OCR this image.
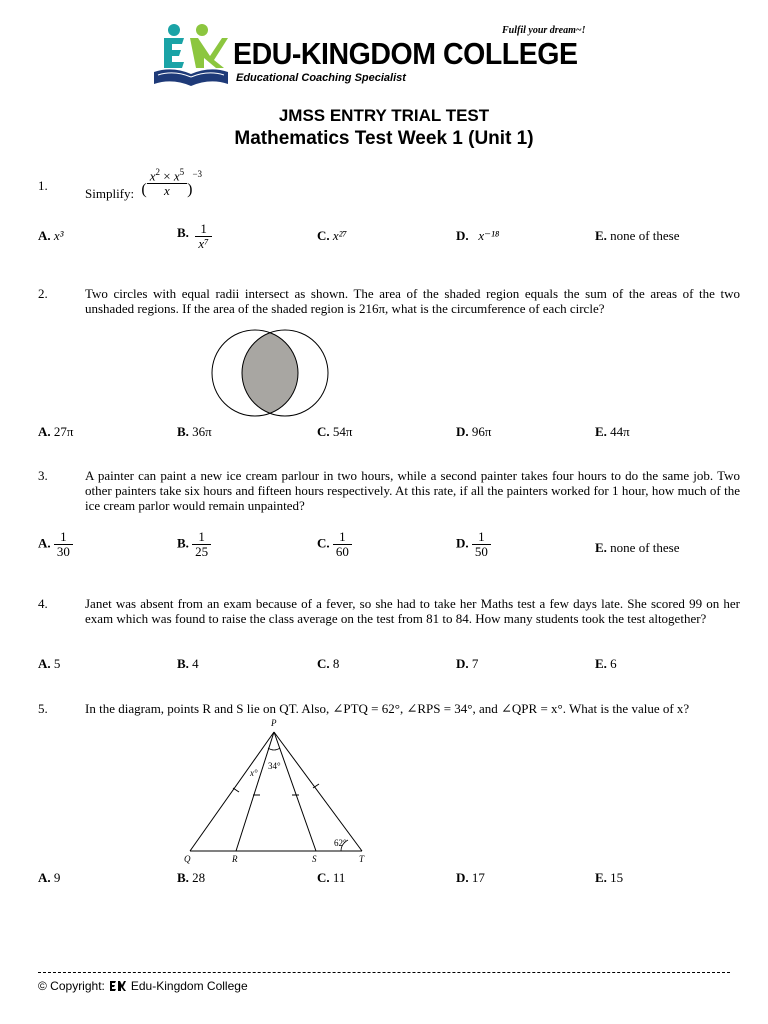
EDU-KINGDOM COLLEGE
Educational Coaching Specialist
Fulfil your dream~!
JMSS ENTRY TRIAL TEST
Mathematics Test Week 1 (Unit 1)
1.
Simplify: ( $\frac{x^2 \times x^5}{x} )^{-3}$
A. x³	B. $\frac{1}{\text{x⁷}}$	C. x²⁷	D. x⁻¹⁸	E. none of these
2.	Two circles with equal radii intersect as shown. The area of the shaded region equals the sum of the areas of the two unshaded regions. If the area of the shaded region is 216π, what is the circumference of each circle?
A. 27π	B. 36π	C. 54π	D. 96π	E. 44π
3.	A painter can paint a new ice cream parlour in two hours, while a second painter takes four hours to do the same job. Two other painters take six hours and fifteen hours respectively. At this rate, if all the painters worked for 1 hour, how much of the ice cream parlor would remain unpainted?
A. $\frac{1}{30}$	B. $\frac{1}{25}$	C. $\frac{1}{60}$	D. $\frac{1}{50}$	E. none of these
4.	Janet was absent from an exam because of a fever, so she had to take her Maths test a few days late. She scored 99 on her exam which was found to raise the class average on the test from 81 to 84. How many students took the test altogether?
A. 5	B. 4	C. 8	D. 7	E. 6
5.	In the diagram, points R and S lie on QT. Also, ∠PTQ = 62°, ∠RPS = 34°, and ∠QPR = x°. What is the value of x?
P
Q	R	S	T
x°
34°
62°
A. 9	B. 28	C. 11	D. 17	E. 15
© Copyright: Edu-Kingdom College
